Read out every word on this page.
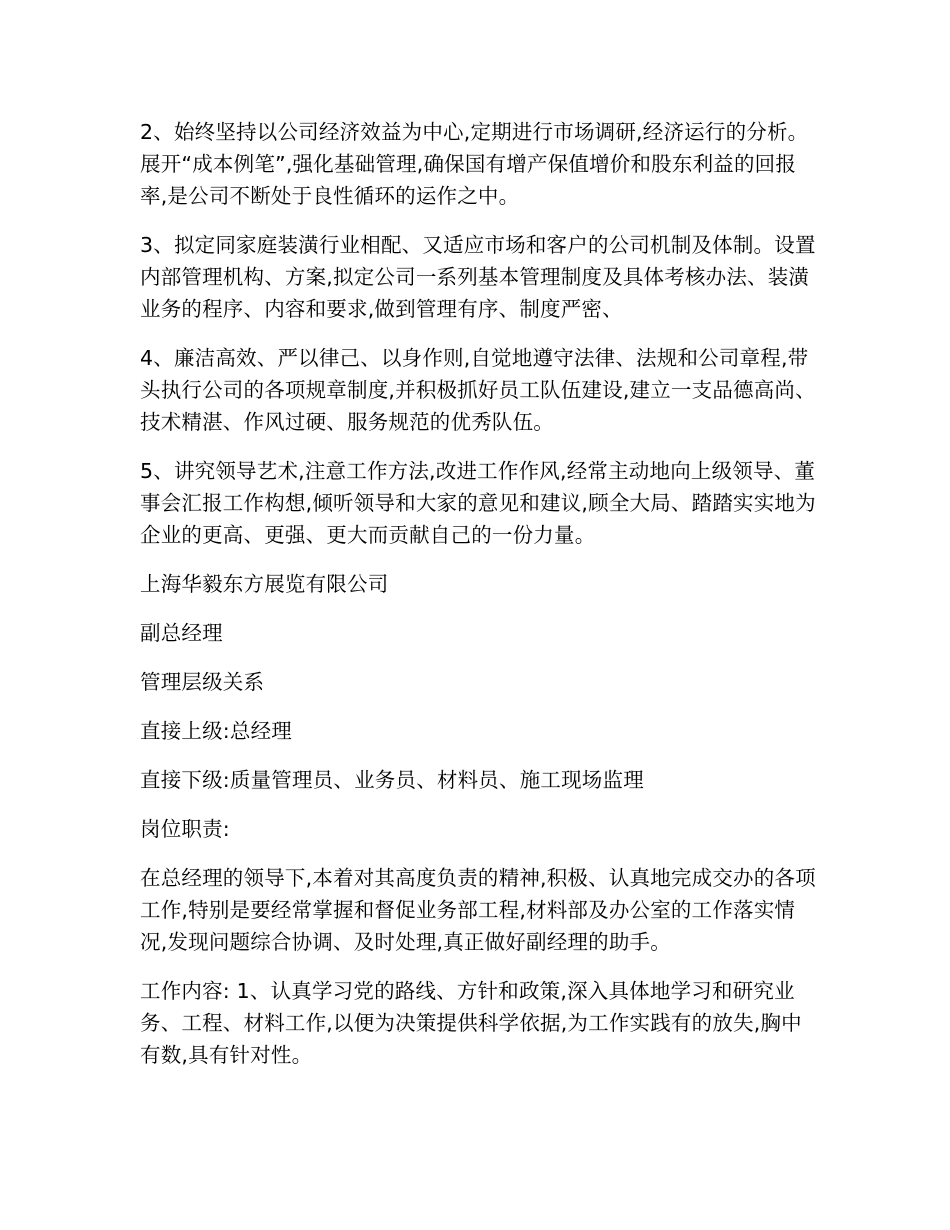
2、始终坚持以公司经济效益为中心,定期进行市场调研,经济运行的分析。展开“成本例笔”,强化基础管理,确保国有增产保值增价和股东利益的回报率,是公司不断处于良性循环的运作之中。

3、拟定同家庭装潢行业相配、又适应市场和客户的公司机制及体制。设置内部管理机构、方案,拟定公司一系列基本管理制度及具体考核办法、装潢业务的程序、内容和要求,做到管理有序、制度严密、

4、廉洁高效、严以律己、以身作则,自觉地遵守法律、法规和公司章程,带头执行公司的各项规章制度,并积极抓好员工队伍建设,建立一支品德高尚、技术精湛、作风过硬、服务规范的优秀队伍。

5、讲究领导艺术,注意工作方法,改进工作作风,经常主动地向上级领导、董事会汇报工作构想,倾听领导和大家的意见和建议,顾全大局、踏踏实实地为企业的更高、更强、更大而贡献自己的一份力量。

上海华毅东方展览有限公司

副总经理

管理层级关系

直接上级:总经理

直接下级:质量管理员、业务员、材料员、施工现场监理

岗位职责:

在总经理的领导下,本着对其高度负责的精神,积极、认真地完成交办的各项工作,特别是要经常掌握和督促业务部工程,材料部及办公室的工作落实情况,发现问题综合协调、及时处理,真正做好副经理的助手。

工作内容: 1、认真学习党的路线、方针和政策,深入具体地学习和研究业务、工程、材料工作,以便为决策提供科学依据,为工作实践有的放失,胸中有数,具有针对性。
